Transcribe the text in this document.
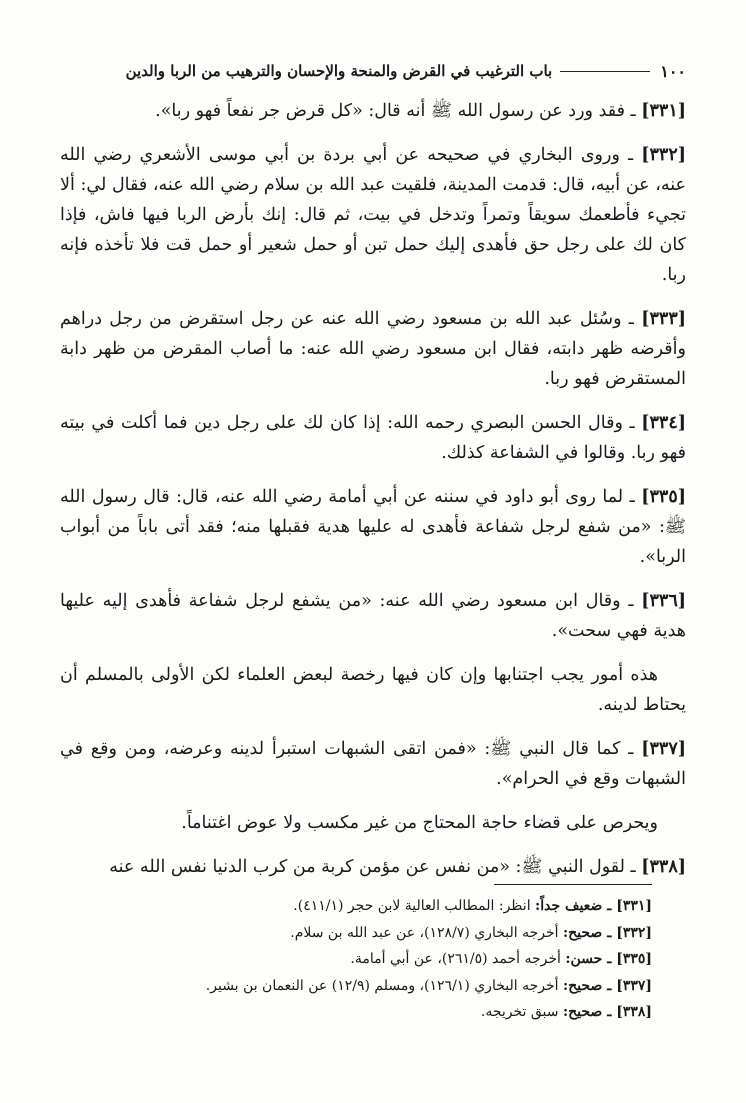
١٠٠
باب الترغيب في القرض والمنحة والإحسان والترهيب من الربا والدين

[٣٣١] ـ فقد ورد عن رسول الله ﷺ أنه قال: «كل قرض جر نفعاً فهو ربا».

[٣٣٢] ـ وروى البخاري في صحيحه عن أبي بردة بن أبي موسى الأشعري رضي الله عنه، عن أبيه، قال: قدمت المدينة، فلقيت عبد الله بن سلام رضي الله عنه، فقال لي: ألا تجيء فأطعمك سويقاً وتمراً وتدخل في بيت، ثم قال: إنك بأرض الربا فيها فاش، فإذا كان لك على رجل حق فأهدى إليك حمل تبن أو حمل شعير أو حمل قت فلا تأخذه فإنه ربا.

[٣٣٣] ـ وسُئل عبد الله بن مسعود رضي الله عنه عن رجل استقرض من رجل دراهم وأقرضه ظهر دابته، فقال ابن مسعود رضي الله عنه: ما أصاب المقرض من ظهر دابة المستقرض فهو ربا.

[٣٣٤] ـ وقال الحسن البصري رحمه الله: إذا كان لك على رجل دين فما أكلت في بيته فهو ربا. وقالوا في الشفاعة كذلك.

[٣٣٥] ـ لما روى أبو داود في سننه عن أبي أمامة رضي الله عنه، قال: قال رسول الله ﷺ: «من شفع لرجل شفاعة فأهدى له عليها هدية فقبلها منه؛ فقد أتى باباً من أبواب الربا».

[٣٣٦] ـ وقال ابن مسعود رضي الله عنه: «من يشفع لرجل شفاعة فأهدى إليه عليها هدية فهي سحت».

هذه أمور يجب اجتنابها وإن كان فيها رخصة لبعض العلماء لكن الأولى بالمسلم أن يحتاط لدينه.

[٣٣٧] ـ كما قال النبي ﷺ: «فمن اتقى الشبهات استبرأ لدينه وعرضه، ومن وقع في الشبهات وقع في الحرام».

ويحرص على قضاء حاجة المحتاج من غير مكسب ولا عوض اغتناماً.

[٣٣٨] ـ لقول النبي ﷺ: «من نفس عن مؤمن كربة من كرب الدنيا نفس الله عنه

[٣٣١] ـ ضعيف جداً: انظر: المطالب العالية لابن حجر (٤١١/١).
[٣٣٢] ـ صحيح: أخرجه البخاري (١٢٨/٧)، عن عبد الله بن سلام.
[٣٣٥] ـ حسن: أخرجه أحمد (٢٦١/٥)، عن أبي أمامة.
[٣٣٧] ـ صحيح: أخرجه البخاري (١٢٦/١)، ومسلم (١٢/٩) عن النعمان بن بشير.
[٣٣٨] ـ صحيح: سبق تخريجه.
